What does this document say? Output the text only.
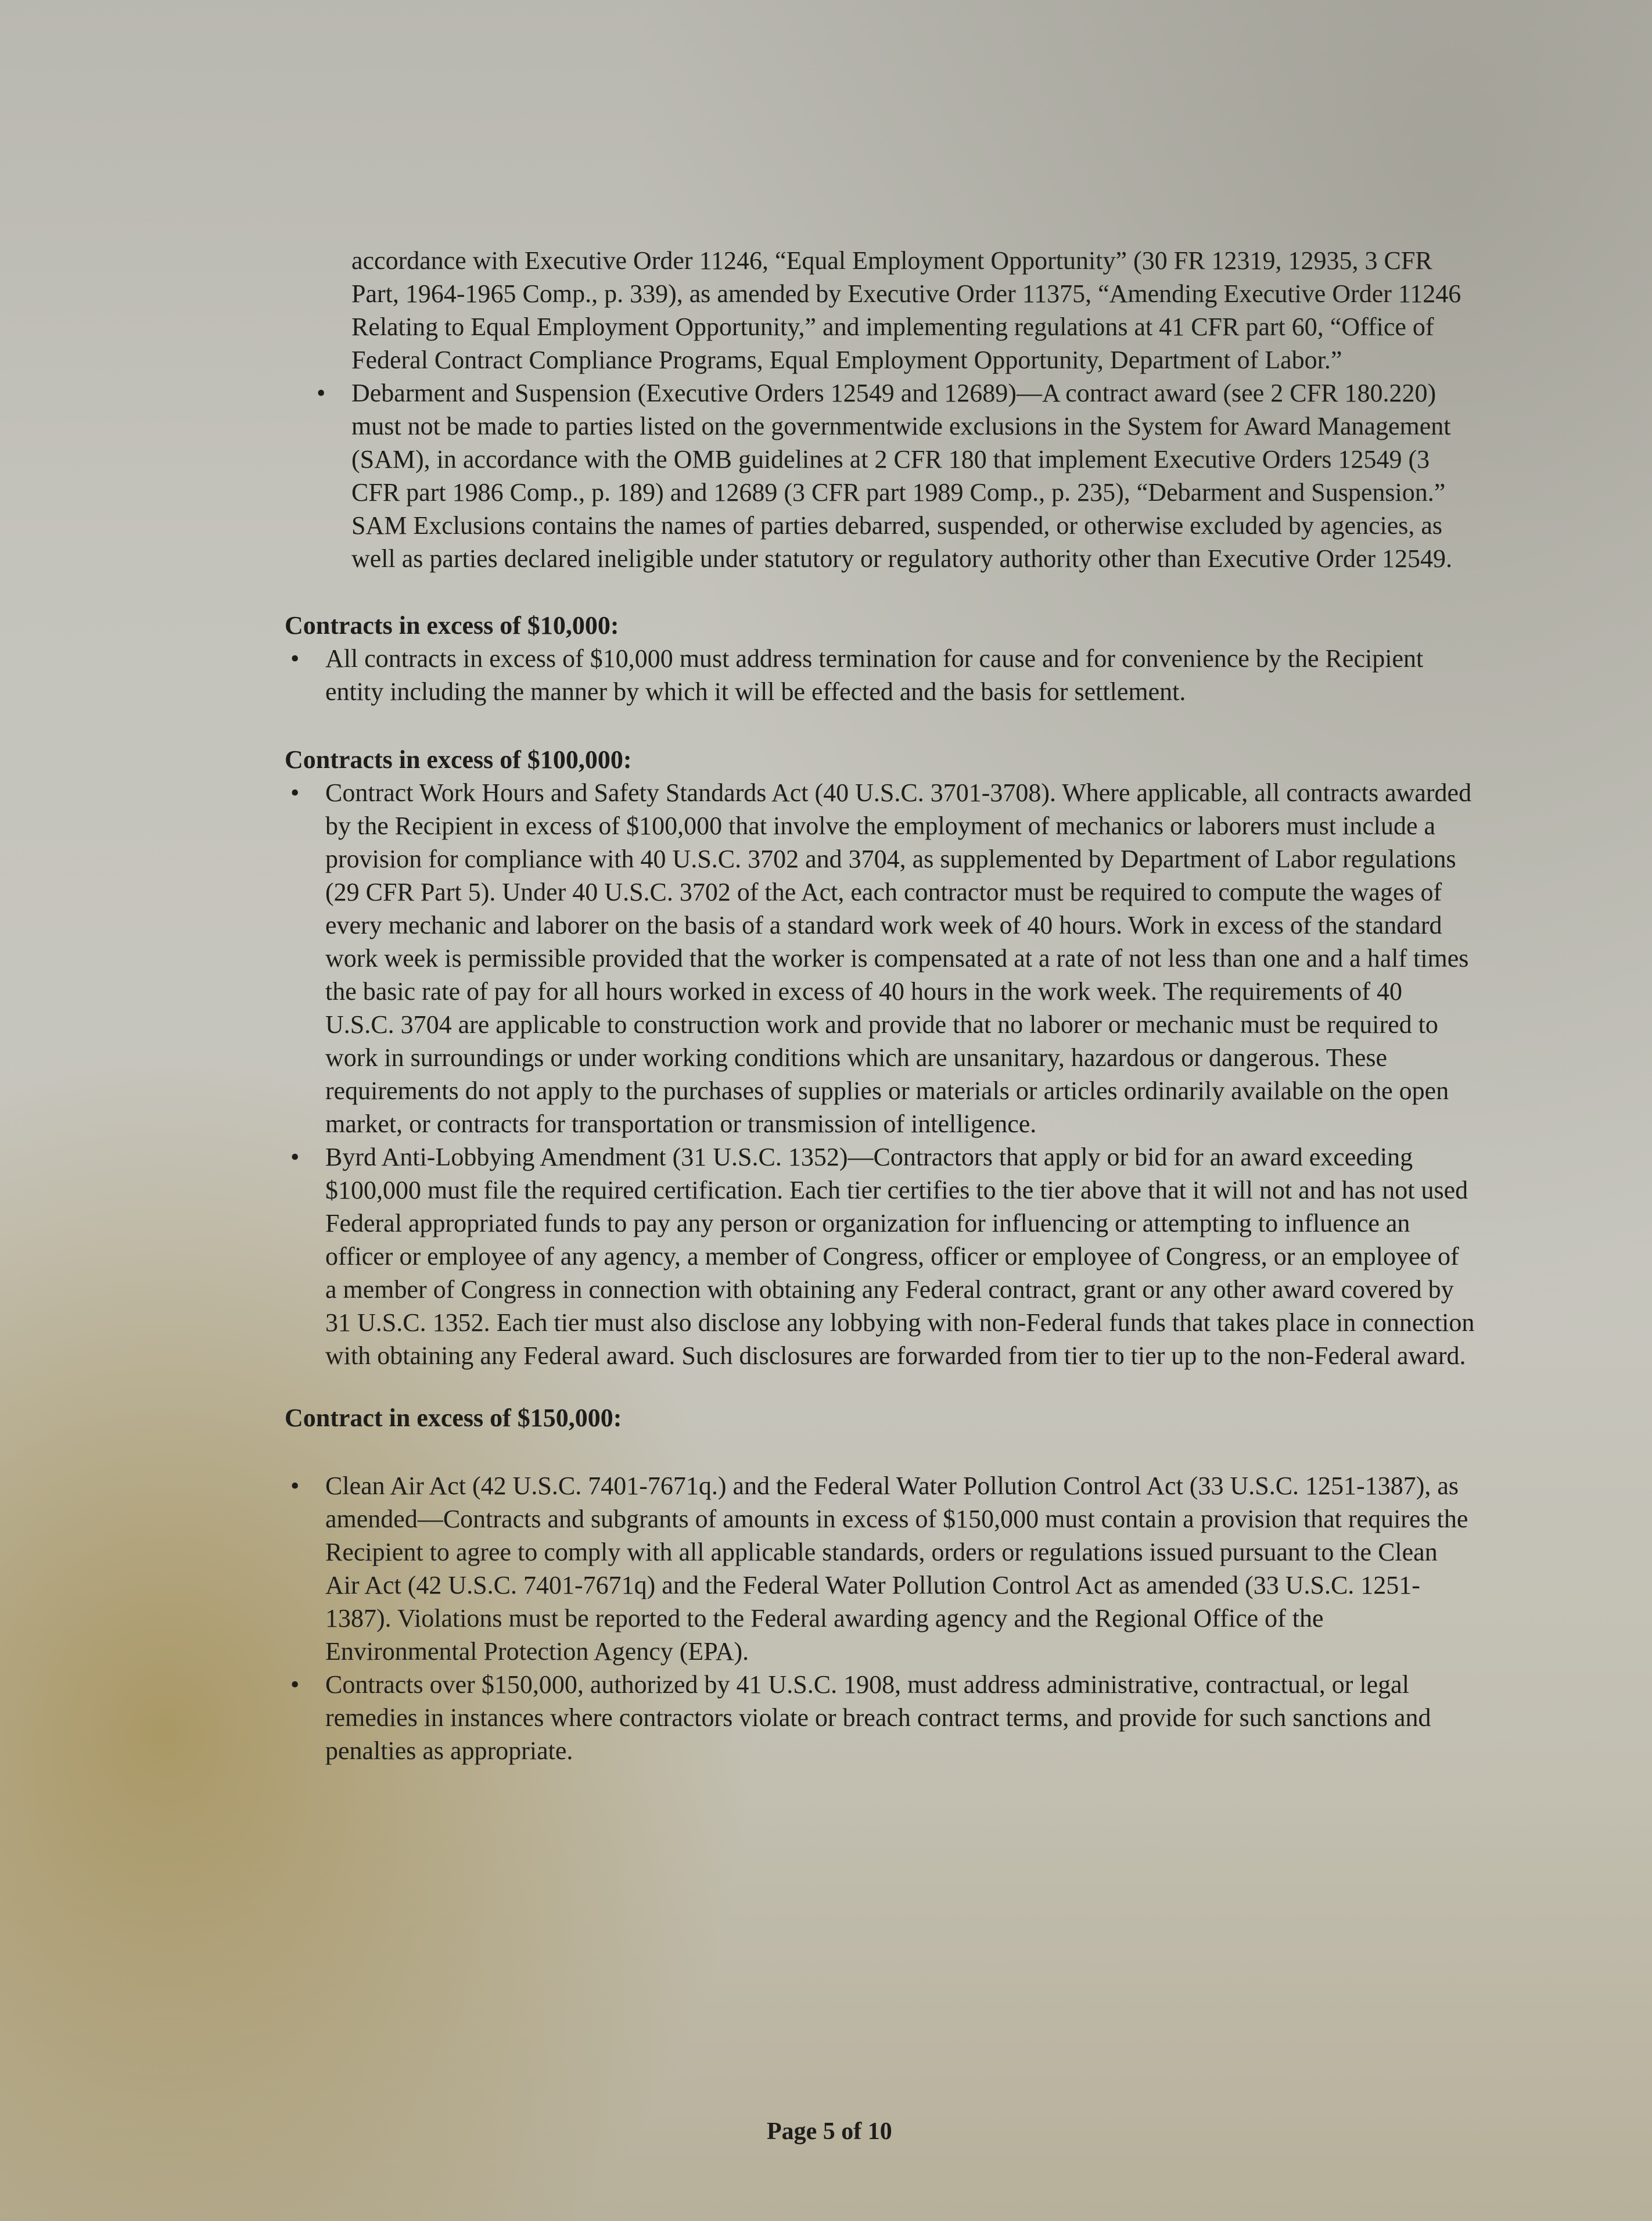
accordance with Executive Order 11246, “Equal Employment Opportunity” (30 FR 12319, 12935, 3 CFR Part, 1964-1965 Comp., p. 339), as amended by Executive Order 11375, “Amending Executive Order 11246 Relating to Equal Employment Opportunity,” and implementing regulations at 41 CFR part 60, “Office of Federal Contract Compliance Programs, Equal Employment Opportunity, Department of Labor.”

• Debarment and Suspension (Executive Orders 12549 and 12689)—A contract award (see 2 CFR 180.220) must not be made to parties listed on the governmentwide exclusions in the System for Award Management (SAM), in accordance with the OMB guidelines at 2 CFR 180 that implement Executive Orders 12549 (3 CFR part 1986 Comp., p. 189) and 12689 (3 CFR part 1989 Comp., p. 235), “Debarment and Suspension.” SAM Exclusions contains the names of parties debarred, suspended, or otherwise excluded by agencies, as well as parties declared ineligible under statutory or regulatory authority other than Executive Order 12549.

Contracts in excess of $10,000:

• All contracts in excess of $10,000 must address termination for cause and for convenience by the Recipient entity including the manner by which it will be effected and the basis for settlement.

Contracts in excess of $100,000:

• Contract Work Hours and Safety Standards Act (40 U.S.C. 3701-3708). Where applicable, all contracts awarded by the Recipient in excess of $100,000 that involve the employment of mechanics or laborers must include a provision for compliance with 40 U.S.C. 3702 and 3704, as supplemented by Department of Labor regulations (29 CFR Part 5). Under 40 U.S.C. 3702 of the Act, each contractor must be required to compute the wages of every mechanic and laborer on the basis of a standard work week of 40 hours. Work in excess of the standard work week is permissible provided that the worker is compensated at a rate of not less than one and a half times the basic rate of pay for all hours worked in excess of 40 hours in the work week. The requirements of 40 U.S.C. 3704 are applicable to construction work and provide that no laborer or mechanic must be required to work in surroundings or under working conditions which are unsanitary, hazardous or dangerous. These requirements do not apply to the purchases of supplies or materials or articles ordinarily available on the open market, or contracts for transportation or transmission of intelligence.

• Byrd Anti-Lobbying Amendment (31 U.S.C. 1352)—Contractors that apply or bid for an award exceeding $100,000 must file the required certification. Each tier certifies to the tier above that it will not and has not used Federal appropriated funds to pay any person or organization for influencing or attempting to influence an officer or employee of any agency, a member of Congress, officer or employee of Congress, or an employee of a member of Congress in connection with obtaining any Federal contract, grant or any other award covered by 31 U.S.C. 1352. Each tier must also disclose any lobbying with non-Federal funds that takes place in connection with obtaining any Federal award. Such disclosures are forwarded from tier to tier up to the non-Federal award.

Contract in excess of $150,000:

• Clean Air Act (42 U.S.C. 7401-7671q.) and the Federal Water Pollution Control Act (33 U.S.C. 1251-1387), as amended—Contracts and subgrants of amounts in excess of $150,000 must contain a provision that requires the Recipient to agree to comply with all applicable standards, orders or regulations issued pursuant to the Clean Air Act (42 U.S.C. 7401-7671q) and the Federal Water Pollution Control Act as amended (33 U.S.C. 1251-1387). Violations must be reported to the Federal awarding agency and the Regional Office of the Environmental Protection Agency (EPA).

• Contracts over $150,000, authorized by 41 U.S.C. 1908, must address administrative, contractual, or legal remedies in instances where contractors violate or breach contract terms, and provide for such sanctions and penalties as appropriate.

Page 5 of 10
